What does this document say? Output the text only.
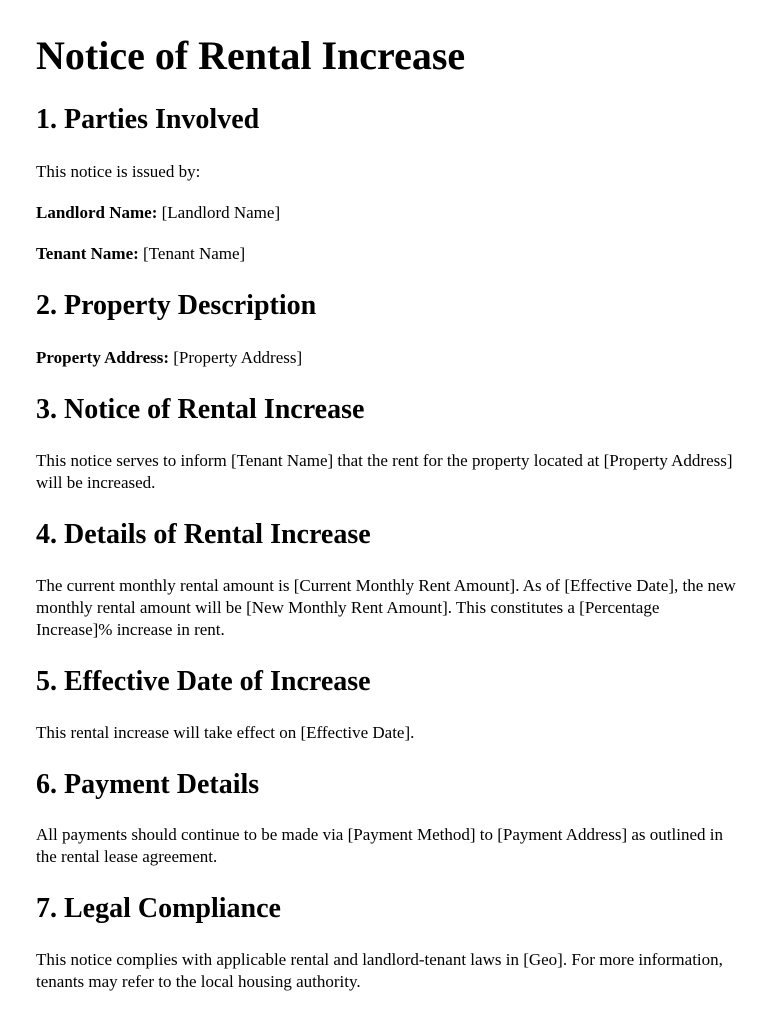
Notice of Rental Increase
1. Parties Involved

This notice is issued by:

Landlord Name: [Landlord Name]

Tenant Name: [Tenant Name]

2. Property Description

Property Address: [Property Address]

3. Notice of Rental Increase

This notice serves to inform [Tenant Name] that the rent for the property located at [Property Address] will be increased.

4. Details of Rental Increase

The current monthly rental amount is [Current Monthly Rent Amount]. As of [Effective Date], the new monthly rental amount will be [New Monthly Rent Amount]. This constitutes a [Percentage Increase]% increase in rent.

5. Effective Date of Increase

This rental increase will take effect on [Effective Date].

6. Payment Details

All payments should continue to be made via [Payment Method] to [Payment Address] as outlined in the rental lease agreement.

7. Legal Compliance

This notice complies with applicable rental and landlord-tenant laws in [Geo]. For more information, tenants may refer to the local housing authority.
